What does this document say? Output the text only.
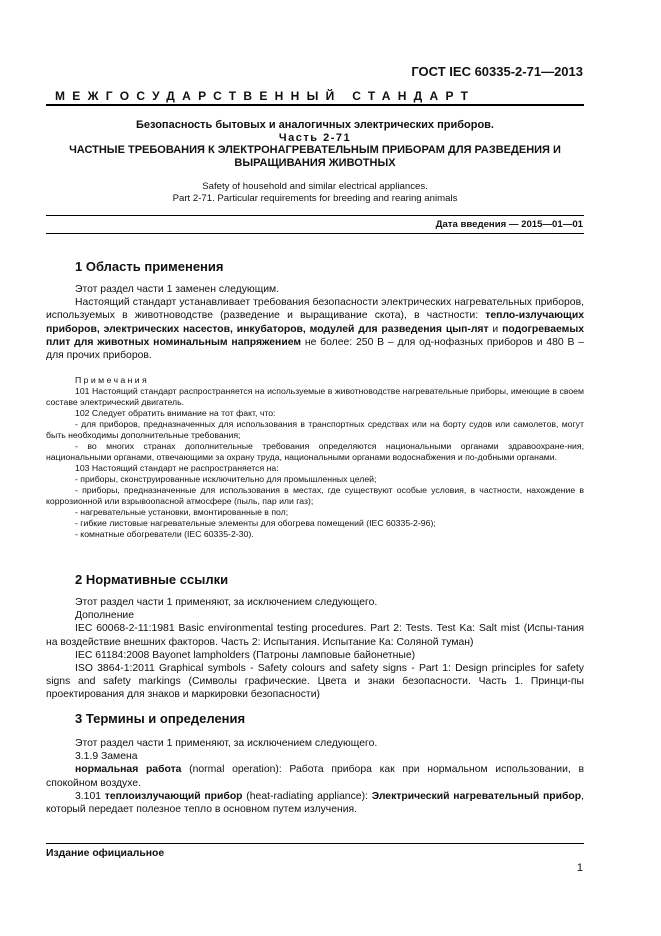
ГОСТ IEC 60335-2-71—2013
МЕЖГОСУДАРСТВЕННЫЙ СТАНДАРТ
Безопасность бытовых и аналогичных электрических приборов.
Часть 2-71
ЧАСТНЫЕ ТРЕБОВАНИЯ К ЭЛЕКТРОНАГРЕВАТЕЛЬНЫМ ПРИБОРАМ ДЛЯ РАЗВЕДЕНИЯ И
ВЫРАЩИВАНИЯ ЖИВОТНЫХ
Safety of household and similar electrical appliances.
Part 2-71. Particular requirements for breeding and rearing animals
Дата введения — 2015—01—01
1 Область применения

Этот раздел части 1 заменен следующим.

Настоящий стандарт устанавливает требования безопасности электрических нагревательных приборов, используемых в животноводстве (разведение и выращивание скота), в частности: тепло-излучающих приборов, электрических насестов, инкубаторов, модулей для разведения цып-лят и подогреваемых плит для животных номинальным напряжением не более: 250 В – для од-нофазных приборов и 480 В – для прочих приборов.

Примечания

101 Настоящий стандарт распространяется на используемые в животноводстве нагревательные приборы, имеющие в своем составе электрический двигатель.

102 Следует обратить внимание на тот факт, что:

- для приборов, предназначенных для использования в транспортных средствах или на борту судов или самолетов, могут быть необходимы дополнительные требования;

- во многих странах дополнительные требования определяются национальными органами здравоохране-ния, национальными органами, отвечающими за охрану труда, национальными органами водоснабжения и по-добными органами.

103 Настоящий стандарт не распространяется на:

- приборы, сконструированные исключительно для промышленных целей;

- приборы, предназначенные для использования в местах, где существуют особые условия, в частности, нахождение в коррозионной или взрывоопасной атмосфере (пыль, пар или газ);

- нагревательные установки, вмонтированные в пол;

- гибкие листовые нагревательные элементы для обогрева помещений (IEC 60335-2-96);

- комнатные обогреватели (IEC 60335-2-30).

2 Нормативные ссылки

Этот раздел части 1 применяют, за исключением следующего.

Дополнение

IEC 60068-2-11:1981 Basic environmental testing procedures. Part 2: Tests. Test Ka: Salt mist (Испы-тания на воздействие внешних факторов. Часть 2: Испытания. Испытание Ка: Соляной туман)

IEC 61184:2008 Bayonet lampholders (Патроны ламповые байонетные)

ISO 3864-1:2011 Graphical symbols - Safety colours and safety signs - Part 1: Design principles for safety signs and safety markings (Символы графические. Цвета и знаки безопасности. Часть 1. Принци-пы проектирования для знаков и маркировки безопасности)

3 Термины и определения

Этот раздел части 1 применяют, за исключением следующего.

3.1.9 Замена

нормальная работа (normal operation): Работа прибора как при нормальном использовании, в спокойном воздухе.

3.101 теплоизлучающий прибор (heat-radiating appliance): Электрический нагревательный прибор, который передает полезное тепло в основном путем излучения.

Издание официальное
1
